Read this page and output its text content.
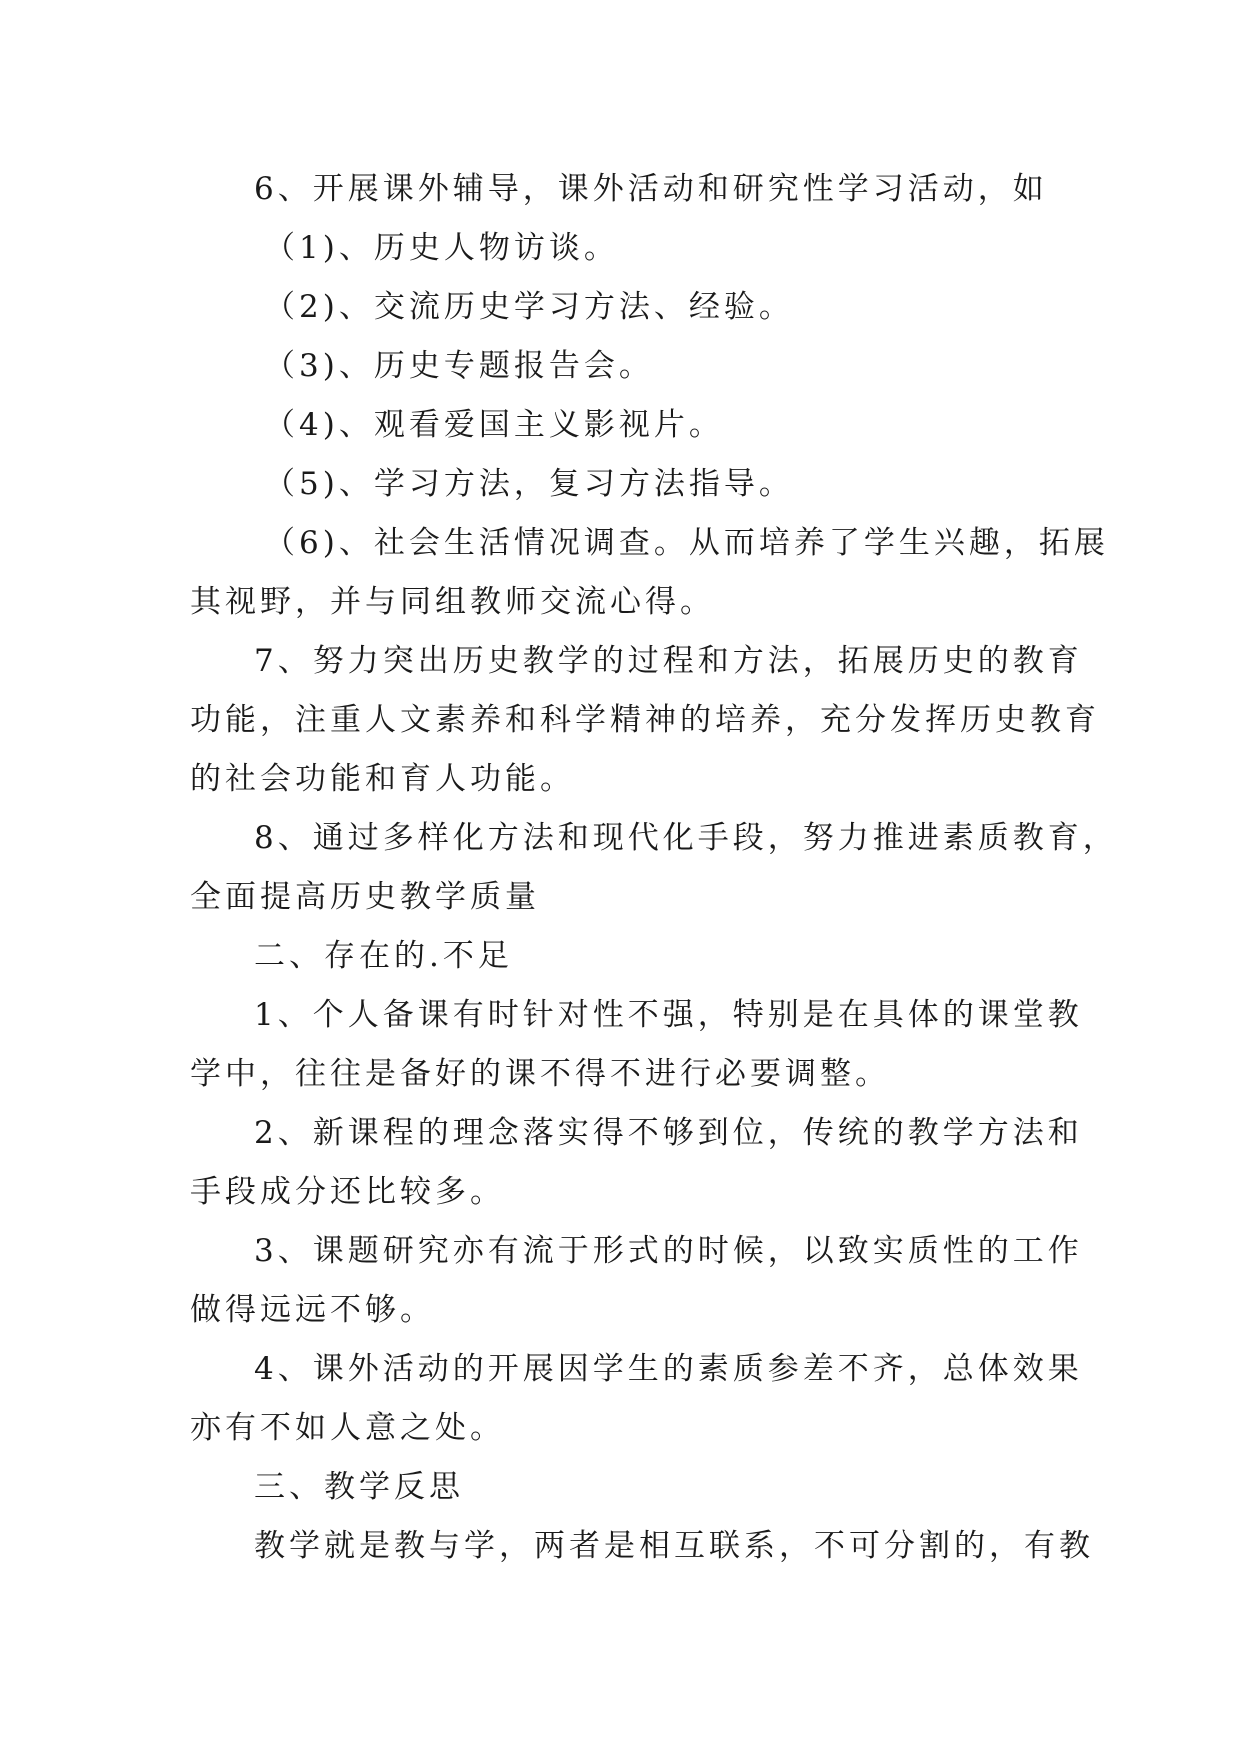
6、开展课外辅导，课外活动和研究性学习活动，如
（1)、历史人物访谈。
（2)、交流历史学习方法、经验。
（3)、历史专题报告会。
（4)、观看爱国主义影视片。
（5)、学习方法，复习方法指导。
（6)、社会生活情况调查。从而培养了学生兴趣，拓展
其视野，并与同组教师交流心得。
7、努力突出历史教学的过程和方法，拓展历史的教育
功能，注重人文素养和科学精神的培养，充分发挥历史教育
的社会功能和育人功能。
8、通过多样化方法和现代化手段，努力推进素质教育，
全面提高历史教学质量
二、存在的.不足
1、个人备课有时针对性不强，特别是在具体的课堂教
学中，往往是备好的课不得不进行必要调整。
2、新课程的理念落实得不够到位，传统的教学方法和
手段成分还比较多。
3、课题研究亦有流于形式的时候，以致实质性的工作
做得远远不够。
4、课外活动的开展因学生的素质参差不齐，总体效果
亦有不如人意之处。
三、教学反思
教学就是教与学，两者是相互联系，不可分割的，有教
